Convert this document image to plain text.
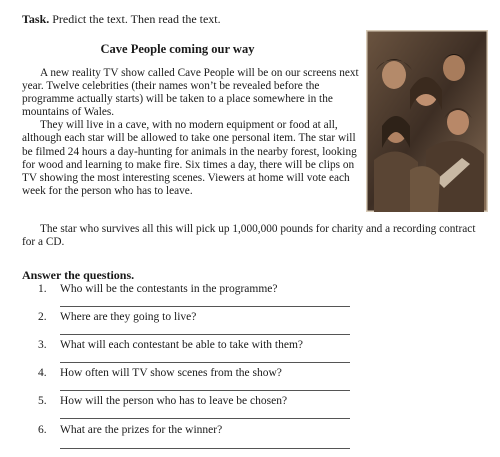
Task. Predict the text. Then read the text.
Cave People coming our way

A new reality TV show called Cave People will be on our screens next year. Twelve celebrities (their names won’t be revealed before the programme actually starts) will be taken to a place somewhere in the mountains of Wales.

They will live in a cave, with no modern equipment or food at all, although each star will be allowed to take one personal item. The star will be filmed 24 hours a day-hunting for animals in the nearby forest, looking for wood and learning to make fire. Six times a day, there will be clips on TV showing the most interesting scenes. Viewers at home will vote each week for the person who has to leave.

The star who survives all this will pick up 1,000,000 pounds for charity and a recording contract for a CD.

Answer the questions.
1. Who will be the contestants in the programme?
2. Where are they going to live?
3. What will each contestant be able to take with them?
4. How often will TV show scenes from the show?
5. How will the person who has to leave be chosen?
6. What are the prizes for the winner?
